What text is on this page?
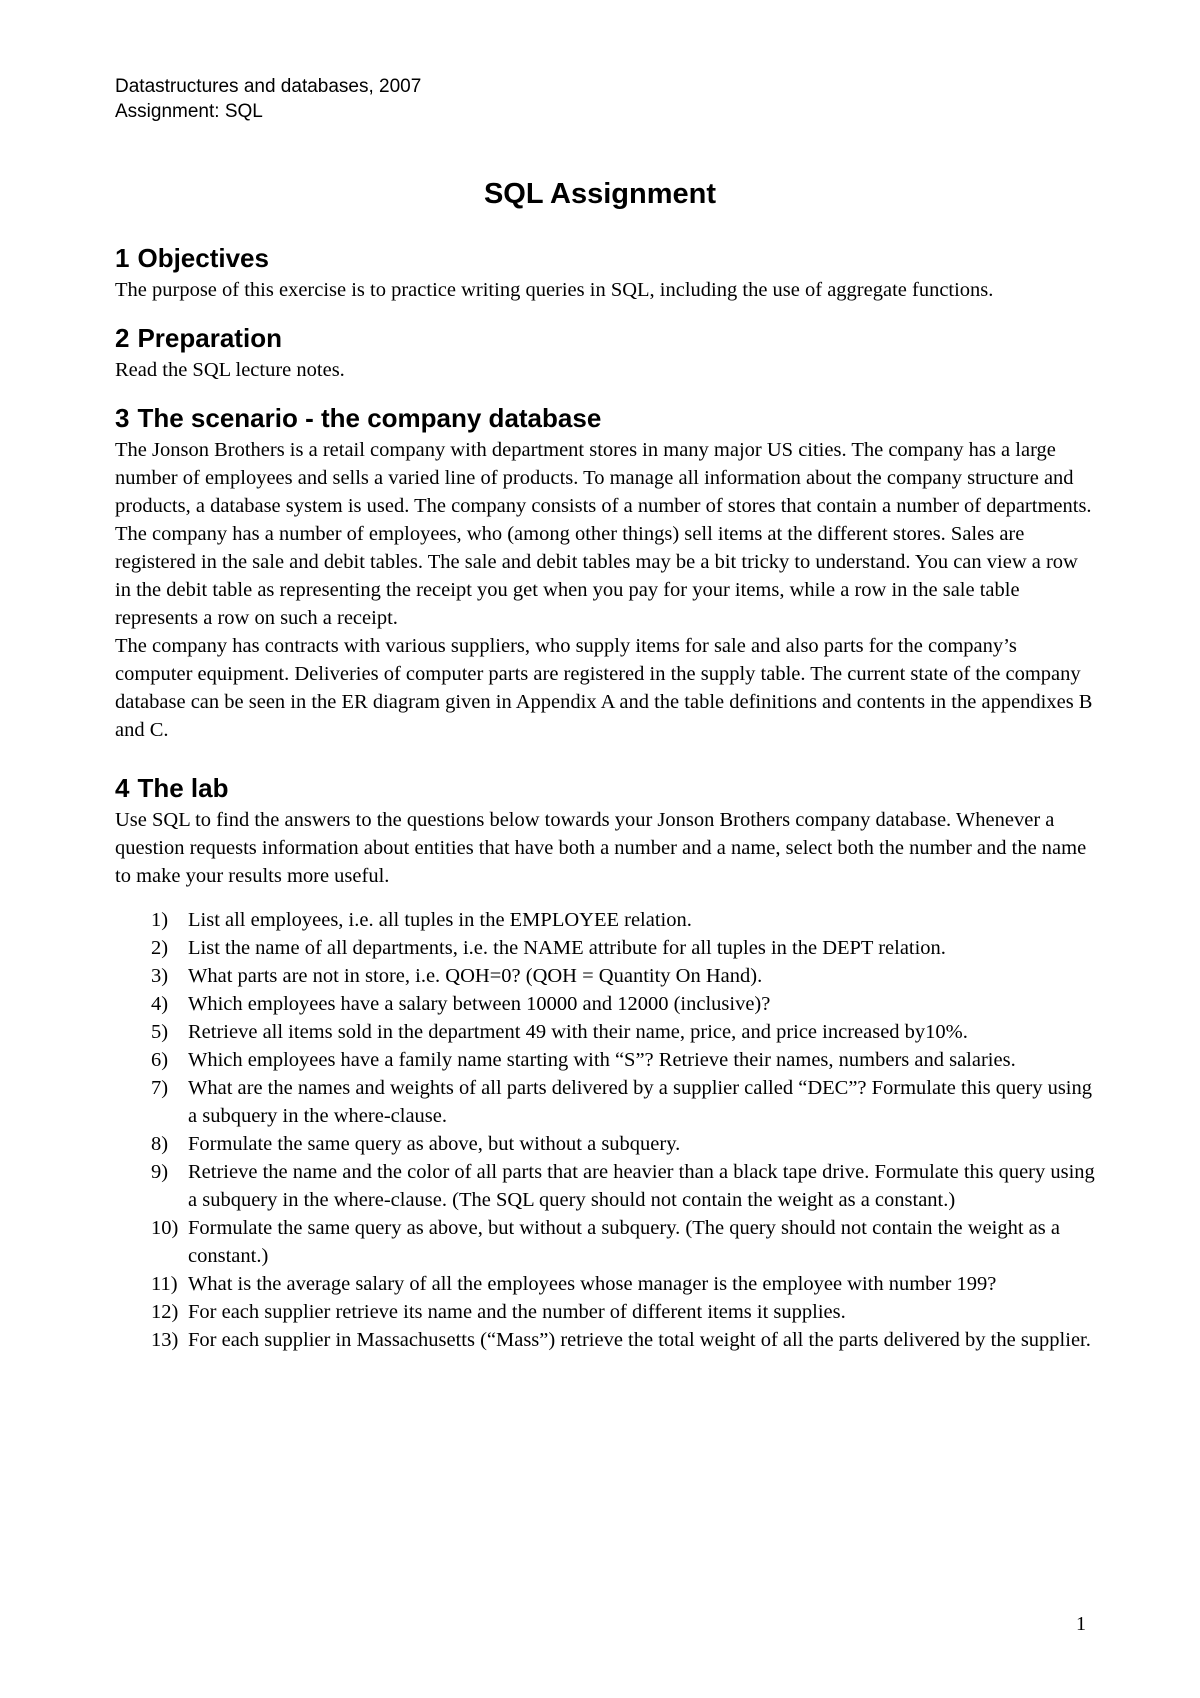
Datastructures and databases, 2007
Assignment: SQL
SQL Assignment
1 Objectives

The purpose of this exercise is to practice writing queries in SQL, including the use of aggregate functions.

2 Preparation

Read the SQL lecture notes.

3 The scenario - the company database

The Jonson Brothers is a retail company with department stores in many major US cities. The company has a large number of employees and sells a varied line of products. To manage all information about the company structure and products, a database system is used. The company consists of a number of stores that contain a number of departments. The company has a number of employees, who (among other things) sell items at the different stores. Sales are registered in the sale and debit tables. The sale and debit tables may be a bit tricky to understand. You can view a row in the debit table as representing the receipt you get when you pay for your items, while a row in the sale table represents a row on such a receipt.

The company has contracts with various suppliers, who supply items for sale and also parts for the company’s computer equipment. Deliveries of computer parts are registered in the supply table. The current state of the company database can be seen in the ER diagram given in Appendix A and the table definitions and contents in the appendixes B and C.

4 The lab

Use SQL to find the answers to the questions below towards your Jonson Brothers company database. Whenever a question requests information about entities that have both a number and a name, select both the number and the name to make your results more useful.

1) List all employees, i.e. all tuples in the EMPLOYEE relation.
2) List the name of all departments, i.e. the NAME attribute for all tuples in the DEPT relation.
3) What parts are not in store, i.e. QOH=0? (QOH = Quantity On Hand).
4) Which employees have a salary between 10000 and 12000 (inclusive)?
5) Retrieve all items sold in the department 49 with their name, price, and price increased by10%.
6) Which employees have a family name starting with “S”? Retrieve their names, numbers and salaries.
7) What are the names and weights of all parts delivered by a supplier called “DEC”? Formulate this query using a subquery in the where-clause.
8) Formulate the same query as above, but without a subquery.
9) Retrieve the name and the color of all parts that are heavier than a black tape drive. Formulate this query using a subquery in the where-clause. (The SQL query should not contain the weight as a constant.)
10) Formulate the same query as above, but without a subquery. (The query should not contain the weight as a constant.)
11) What is the average salary of all the employees whose manager is the employee with number 199?
12) For each supplier retrieve its name and the number of different items it supplies.
13) For each supplier in Massachusetts (“Mass”) retrieve the total weight of all the parts delivered by the supplier.
1
